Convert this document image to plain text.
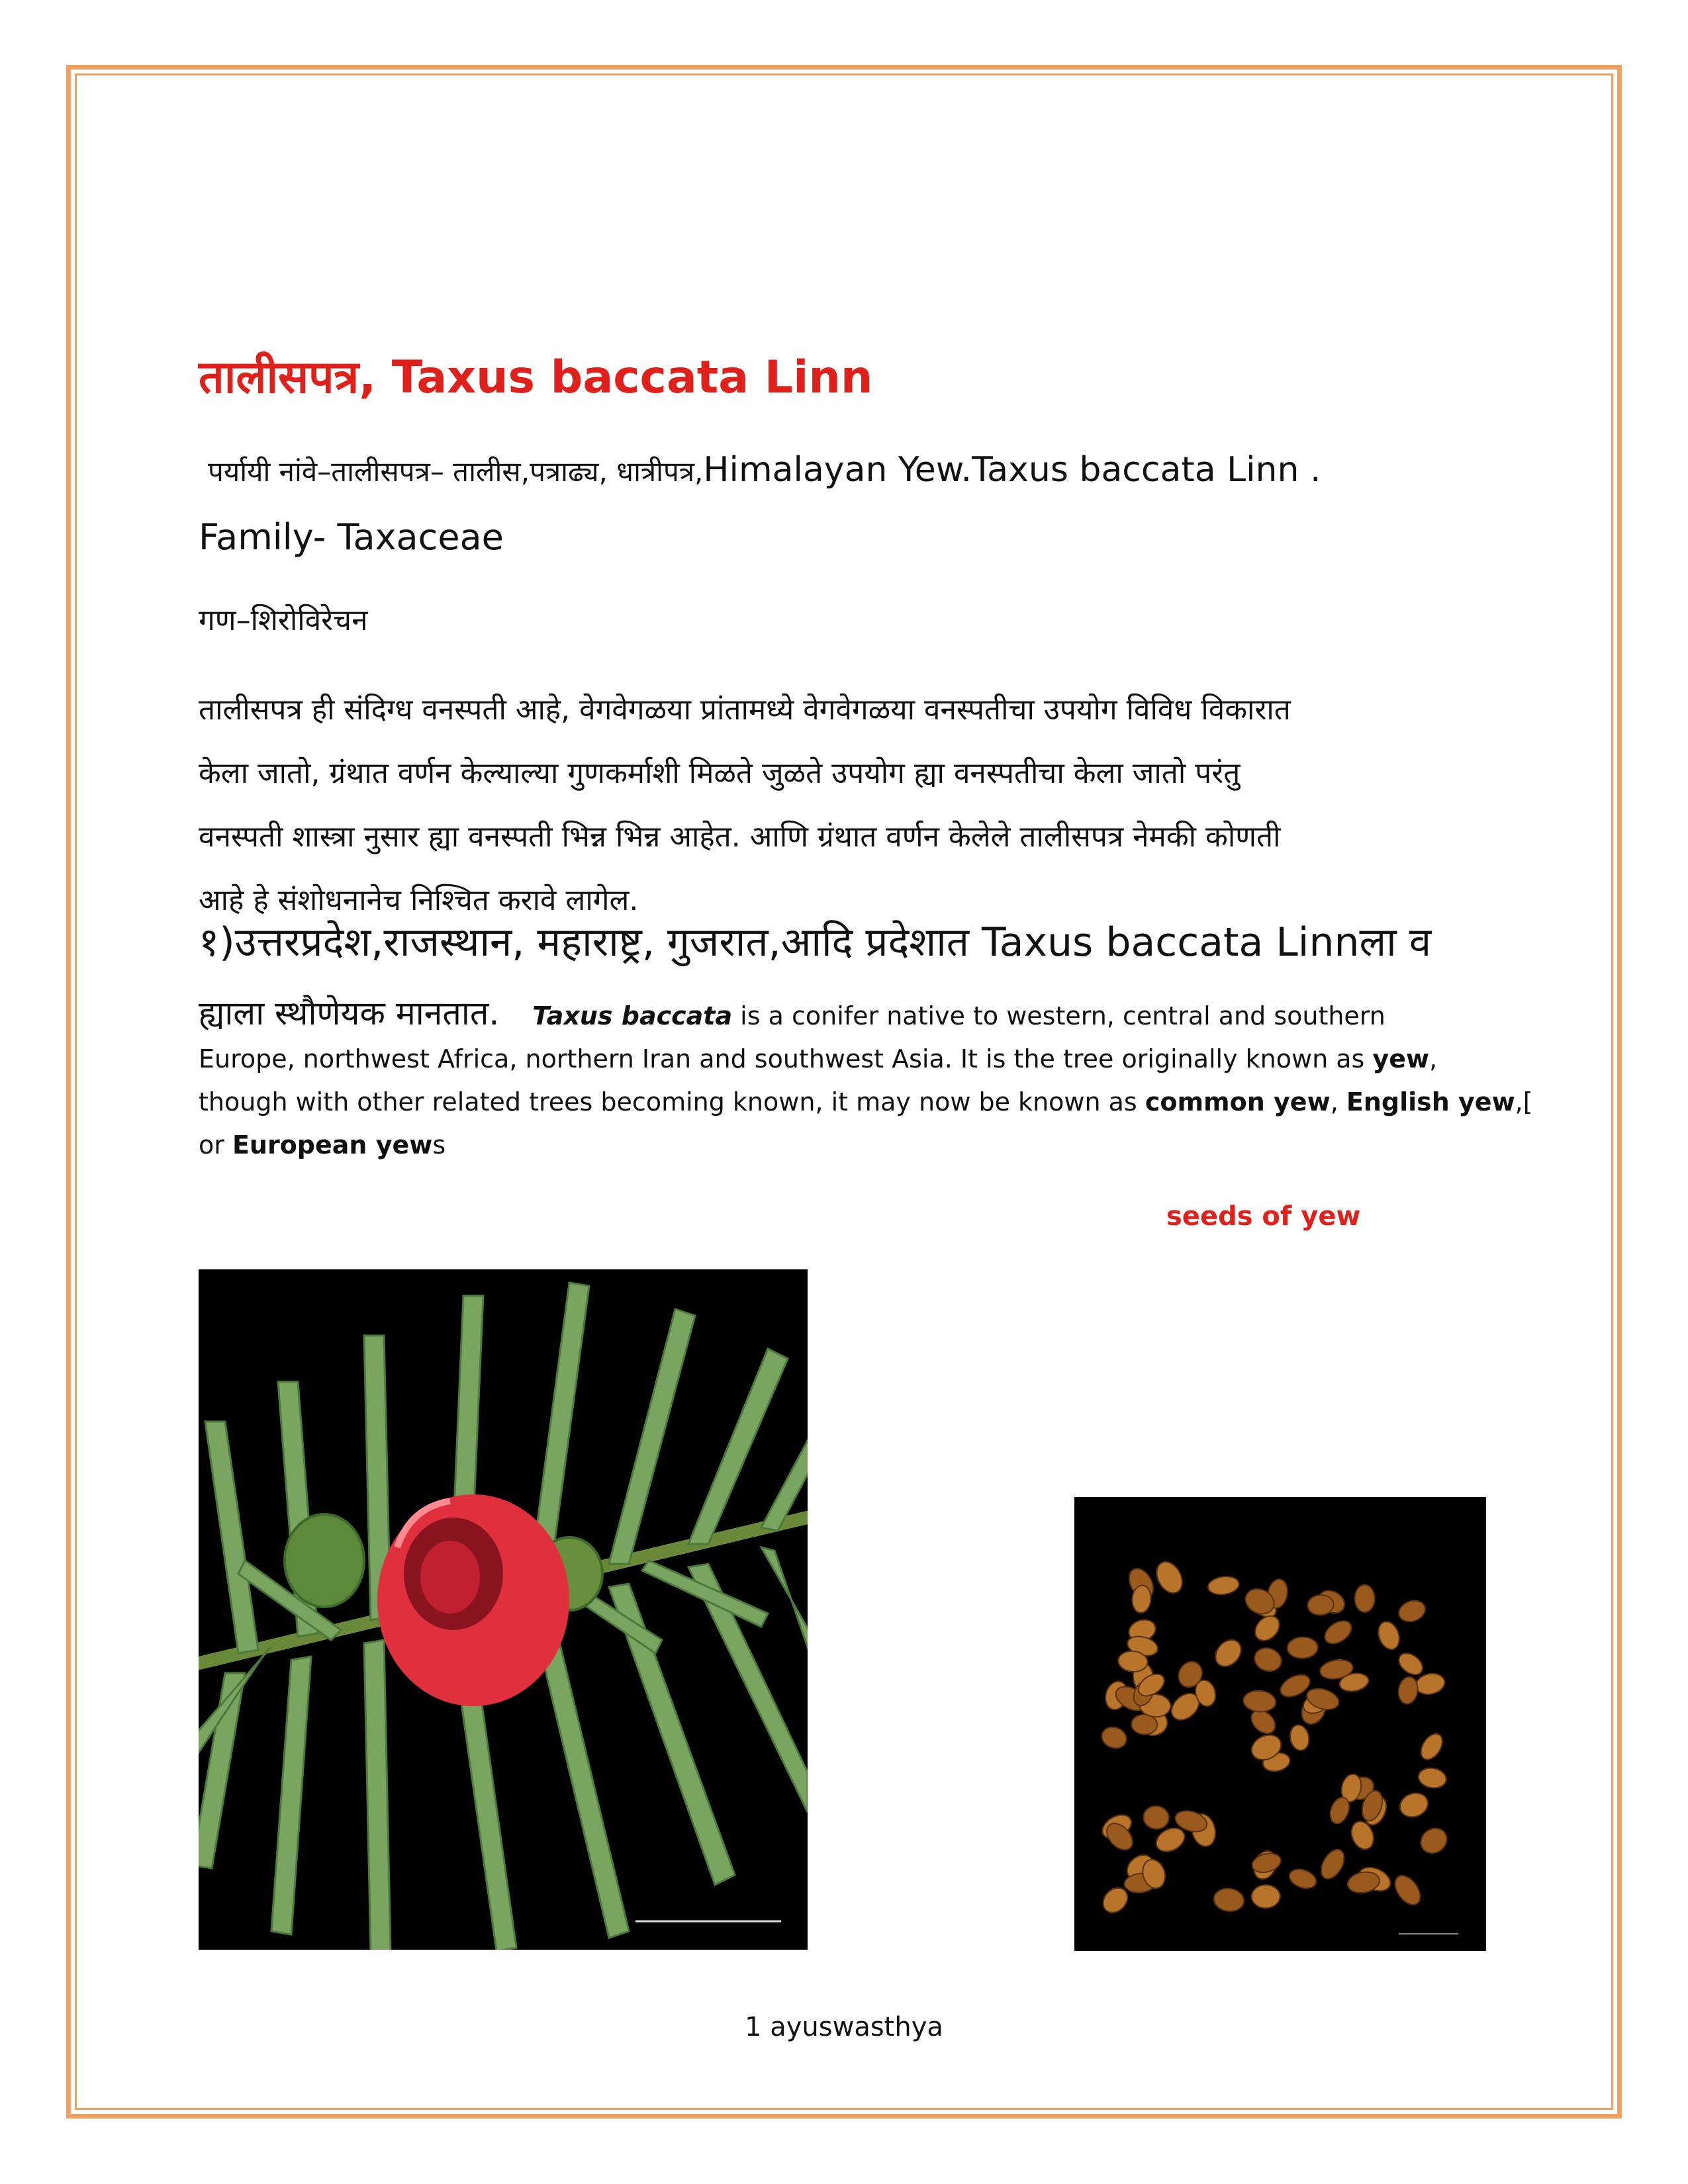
तालीसपत्र, Taxus baccata Linn
पर्यायी नांवे–तालीसपत्र– तालीस,पत्राढ्य, धात्रीपत्र,Himalayan Yew.Taxus baccata Linn .
Family- Taxaceae
गण–शिरोविरेचन
तालीसपत्र ही संदिग्ध वनस्पती आहे, वेगवेगळया प्रांतामध्ये वेगवेगळया वनस्पतीचा उपयोग विविध विकारात
केला जातो, ग्रंथात वर्णन केल्याल्या गुणकर्माशी मिळते जुळते उपयोग ह्या वनस्पतीचा केला जातो परंतु
वनस्पती शास्त्रा नुसार ह्या वनस्पती भिन्न भिन्न आहेत. आणि ग्रंथात वर्णन केलेले तालीसपत्र नेमकी कोणती
आहे हे संशोधनानेच निश्चित करावे लागेल.
१)उत्तरप्रदेश,राजस्थान, महाराष्ट्र, गुजरात,आदि प्रदेशात Taxus baccata Linnला व
ह्याला स्थौणेयक मानतात. Taxus baccata is a conifer native to western, central and southern
Europe, northwest Africa, northern Iran and southwest Asia. It is the tree originally known as yew,
though with other related trees becoming known, it may now be known as common yew, English yew,[
or European yews
seeds of yew
1 ayuswasthya
